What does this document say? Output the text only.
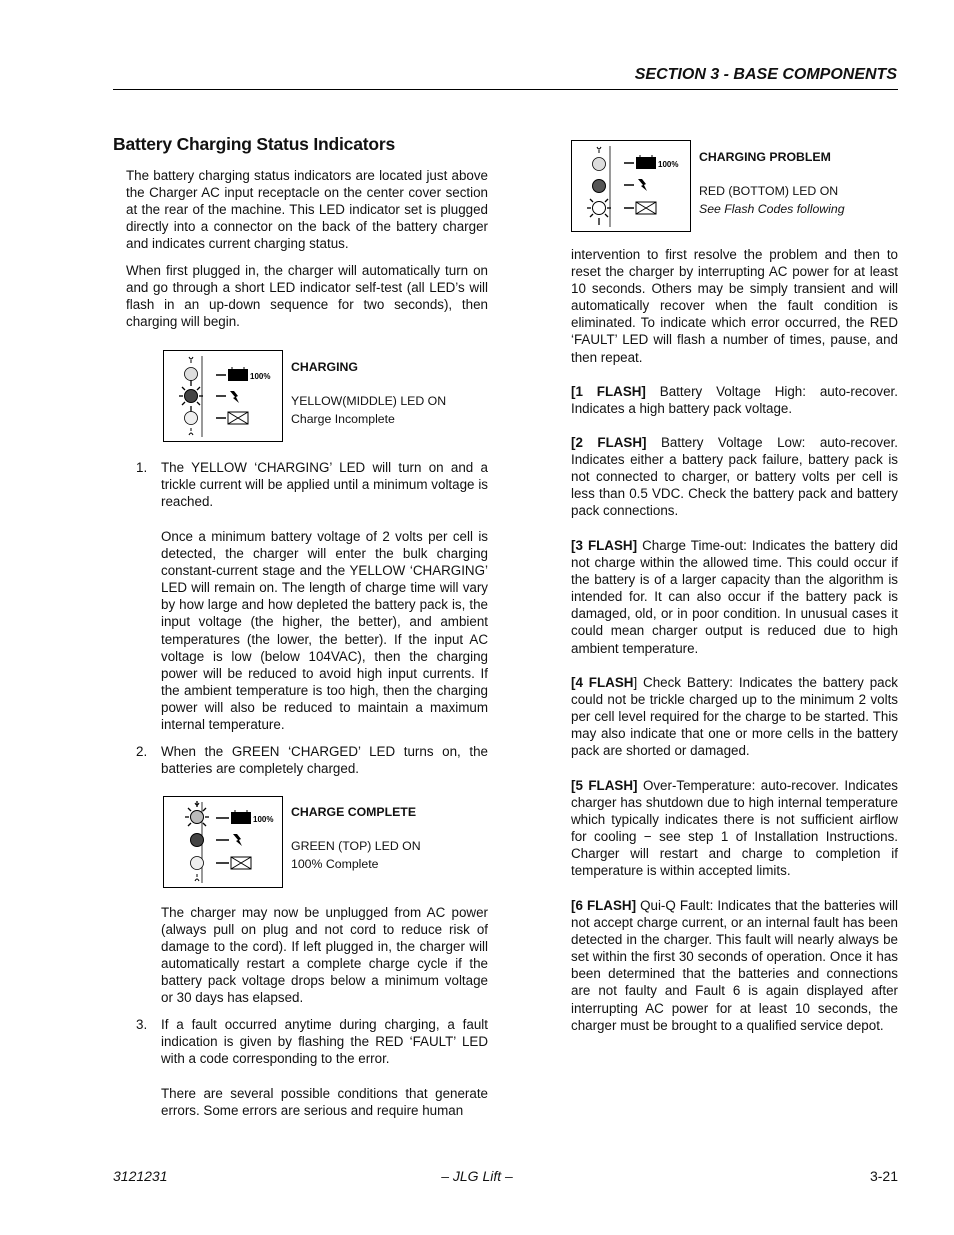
SECTION 3 - BASE COMPONENTS
Battery Charging Status Indicators
The battery charging status indicators are located just above the Charger AC input receptacle on the center cover section at the rear of the machine. This LED indicator set is plugged directly into a connector on the back of the battery charger and indicates current charging status.
When first plugged in, the charger will automatically turn on and go through a short LED indicator self-test (all LED’s will flash in an up-down sequence for two seconds), then charging will begin.
100%
CHARGING
YELLOW(MIDDLE) LED ON
Charge Incomplete
1.	The YELLOW ‘CHARGING’ LED will turn on and a trickle current will be applied until a minimum voltage is reached.
Once a minimum battery voltage of 2 volts per cell is detected, the charger will enter the bulk charging constant-current stage and the YELLOW ‘CHARGING’ LED will remain on. The length of charge time will vary by how large and how depleted the battery pack is, the input voltage (the higher, the better), and ambient temperatures (the lower, the better). If the input AC voltage is low (below 104VAC), then the charging power will be reduced to avoid high input currents. If the ambient temperature is too high, then the charging power will also be reduced to maintain a maximum internal temperature.
2.	When the GREEN ‘CHARGED’ LED turns on, the batteries are completely charged.
100%
CHARGE COMPLETE
GREEN (TOP) LED ON
100% Complete
The charger may now be unplugged from AC power (always pull on plug and not cord to reduce risk of damage to the cord). If left plugged in, the charger will automatically restart a complete charge cycle if the battery pack voltage drops below a minimum voltage or 30 days has elapsed.
3.	If a fault occurred anytime during charging, a fault indication is given by flashing the RED ‘FAULT’ LED with a code corresponding to the error.
There are several possible conditions that generate errors. Some errors are serious and require human
100%
CHARGING PROBLEM
RED (BOTTOM) LED ON
See Flash Codes following
intervention to first resolve the problem and then to reset the charger by interrupting AC power for at least 10 seconds. Others may be simply transient and will automatically recover when the fault condition is eliminated. To indicate which error occurred, the RED ‘FAULT’ LED will flash a number of times, pause, and then repeat.
[1 FLASH] Battery Voltage High: auto-recover. Indicates a high battery pack voltage.
[2 FLASH] Battery Voltage Low: auto-recover. Indicates either a battery pack failure, battery pack is not connected to charger, or battery volts per cell is less than 0.5 VDC. Check the battery pack and battery pack connections.
[3 FLASH] Charge Time-out: Indicates the battery did not charge within the allowed time. This could occur if the battery is of a larger capacity than the algorithm is intended for. It can also occur if the battery pack is damaged, old, or in poor condition. In unusual cases it could mean charger output is reduced due to high ambient temperature.
[4 FLASH] Check Battery: Indicates the battery pack could not be trickle charged up to the minimum 2 volts per cell level required for the charge to be started. This may also indicate that one or more cells in the battery pack are shorted or damaged.
[5 FLASH] Over-Temperature: auto-recover. Indicates charger has shutdown due to high internal temperature which typically indicates there is not sufficient airflow for cooling − see step 1 of Installation Instructions. Charger will restart and charge to completion if temperature is within accepted limits.
[6 FLASH] Qui-Q Fault: Indicates that the batteries will not accept charge current, or an internal fault has been detected in the charger. This fault will nearly always be set within the first 30 seconds of operation. Once it has been determined that the batteries and connections are not faulty and Fault 6 is again displayed after interrupting AC power for at least 10 seconds, the charger must be brought to a qualified service depot.
3121231	– JLG Lift –	3-21
